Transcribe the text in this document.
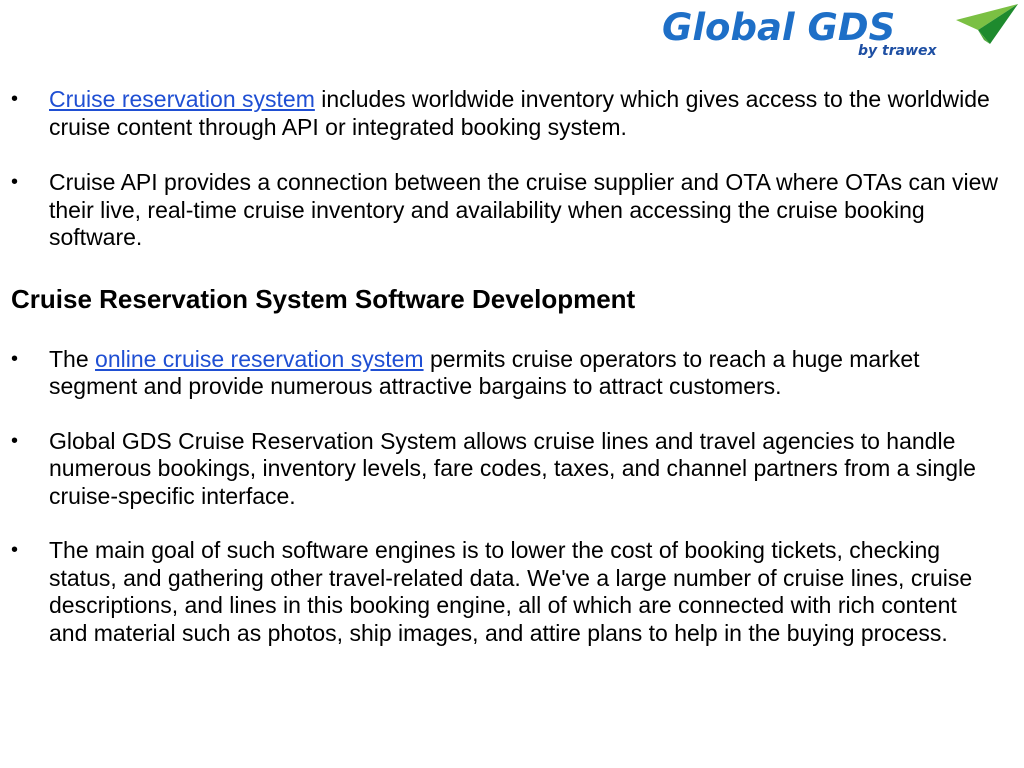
Global GDS
by trawex
• Cruise reservation system includes worldwide inventory which gives access to the worldwide cruise content through API or integrated booking system.
• Cruise API provides a connection between the cruise supplier and OTA where OTAs can view their live, real-time cruise inventory and availability when accessing the cruise booking software.
Cruise Reservation System Software Development
• The online cruise reservation system permits cruise operators to reach a huge market segment and provide numerous attractive bargains to attract customers.
• Global GDS Cruise Reservation System allows cruise lines and travel agencies to handle numerous bookings, inventory levels, fare codes, taxes, and channel partners from a single cruise-specific interface.
• The main goal of such software engines is to lower the cost of booking tickets, checking status, and gathering other travel-related data. We've a large number of cruise lines, cruise descriptions, and lines in this booking engine, all of which are connected with rich content and material such as photos, ship images, and attire plans to help in the buying process.
